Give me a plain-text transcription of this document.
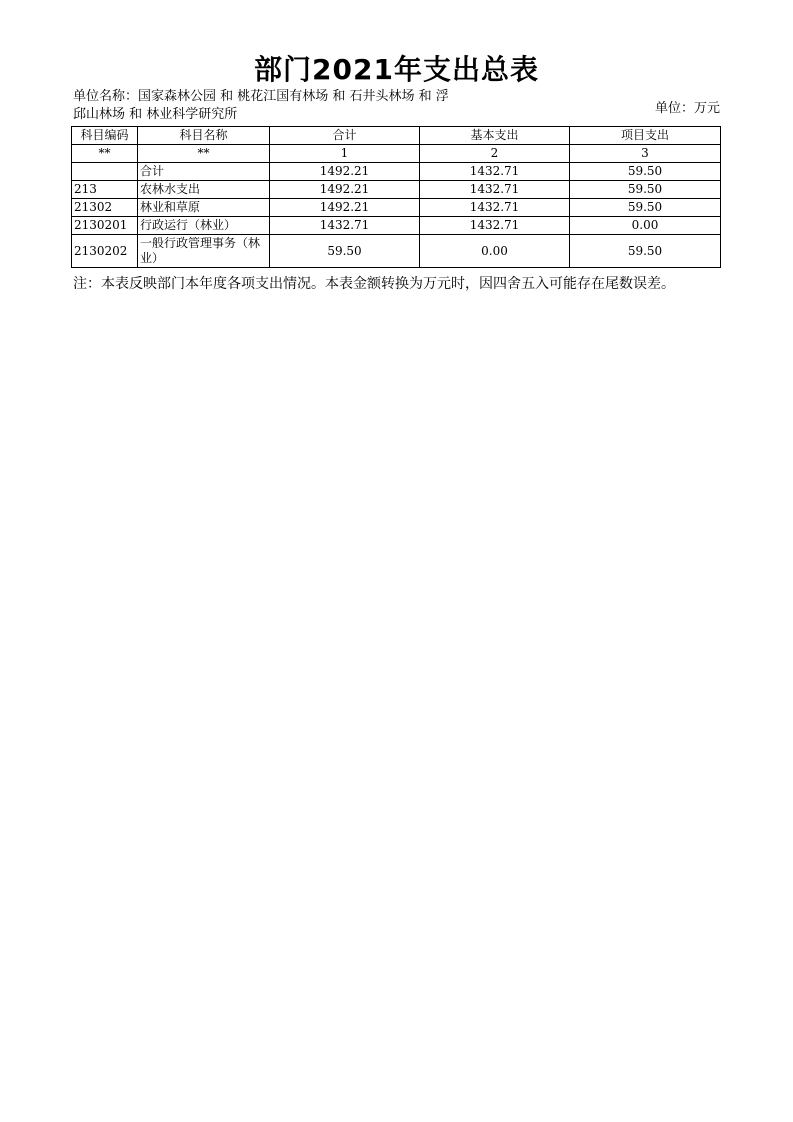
部门2021年支出总表
单位名称：国家森林公园 和 桃花江国有林场 和 石井头林场 和 浮邱山林场 和 林业科学研究所	单位：万元
科目编码	科目名称	合计	基本支出	项目支出
**	**	1	2	3
	合计	1492.21	1432.71	59.50
213	农林水支出	1492.21	1432.71	59.50
21302	林业和草原	1492.21	1432.71	59.50
2130201	行政运行（林业）	1432.71	1432.71	0.00
2130202	一般行政管理事务（林业）	59.50	0.00	59.50
注：本表反映部门本年度各项支出情况。本表金额转换为万元时，因四舍五入可能存在尾数误差。
